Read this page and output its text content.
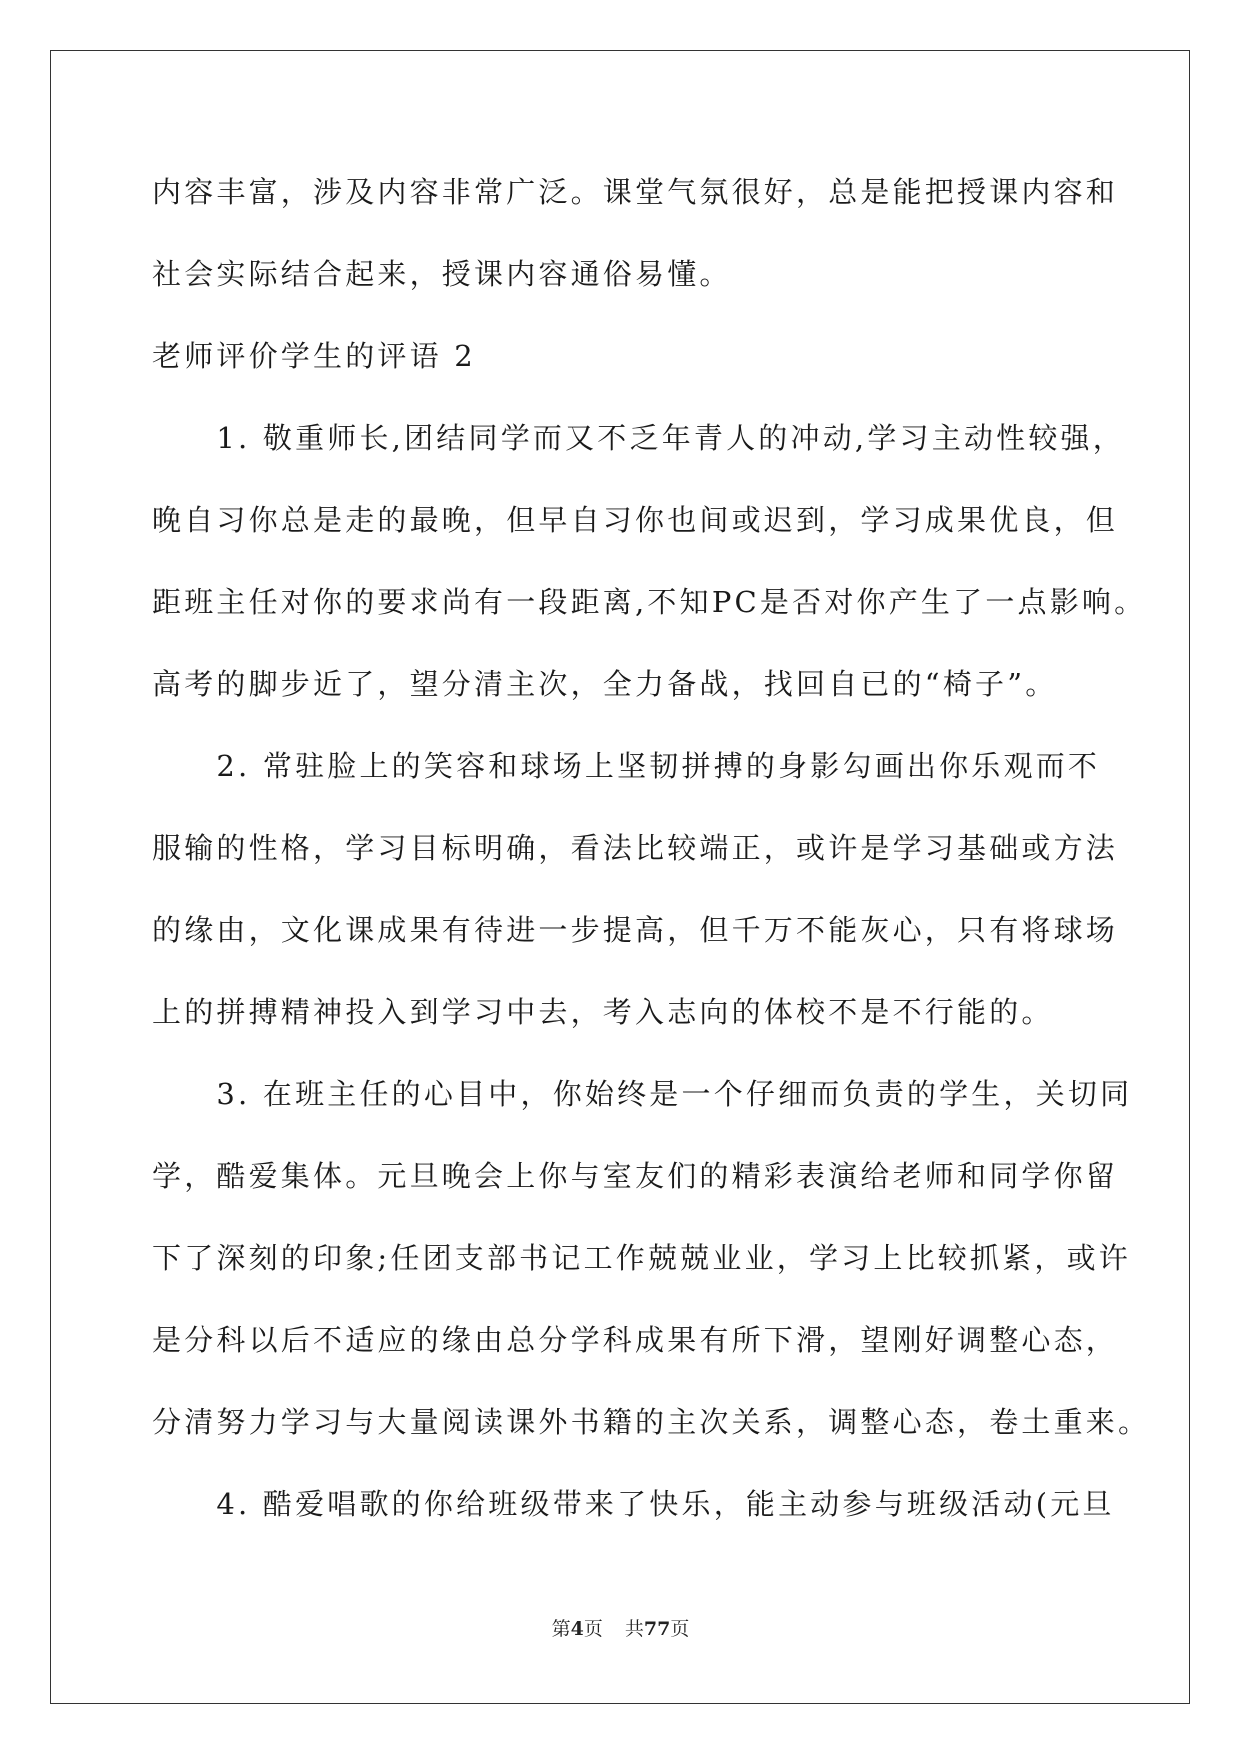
内容丰富，涉及内容非常广泛。课堂气氛很好，总是能把授课内容和
社会实际结合起来，授课内容通俗易懂。
老师评价学生的评语 2
　　1. 敬重师长,团结同学而又不乏年青人的冲动,学习主动性较强，
晚自习你总是走的最晚，但早自习你也间或迟到，学习成果优良，但
距班主任对你的要求尚有一段距离,不知PC是否对你产生了一点影响。
高考的脚步近了，望分清主次，全力备战，找回自已的“椅子”。
　　2. 常驻脸上的笑容和球场上坚韧拼搏的身影勾画出你乐观而不
服输的性格，学习目标明确，看法比较端正，或许是学习基础或方法
的缘由，文化课成果有待进一步提高，但千万不能灰心，只有将球场
上的拼搏精神投入到学习中去，考入志向的体校不是不行能的。
　　3. 在班主任的心目中，你始终是一个仔细而负责的学生，关切同
学，酷爱集体。元旦晚会上你与室友们的精彩表演给老师和同学你留
下了深刻的印象;任团支部书记工作兢兢业业，学习上比较抓紧，或许
是分科以后不适应的缘由总分学科成果有所下滑，望刚好调整心态，
分清努力学习与大量阅读课外书籍的主次关系，调整心态，卷土重来。
　　4. 酷爱唱歌的你给班级带来了快乐，能主动参与班级活动(元旦
第4页 共77页
